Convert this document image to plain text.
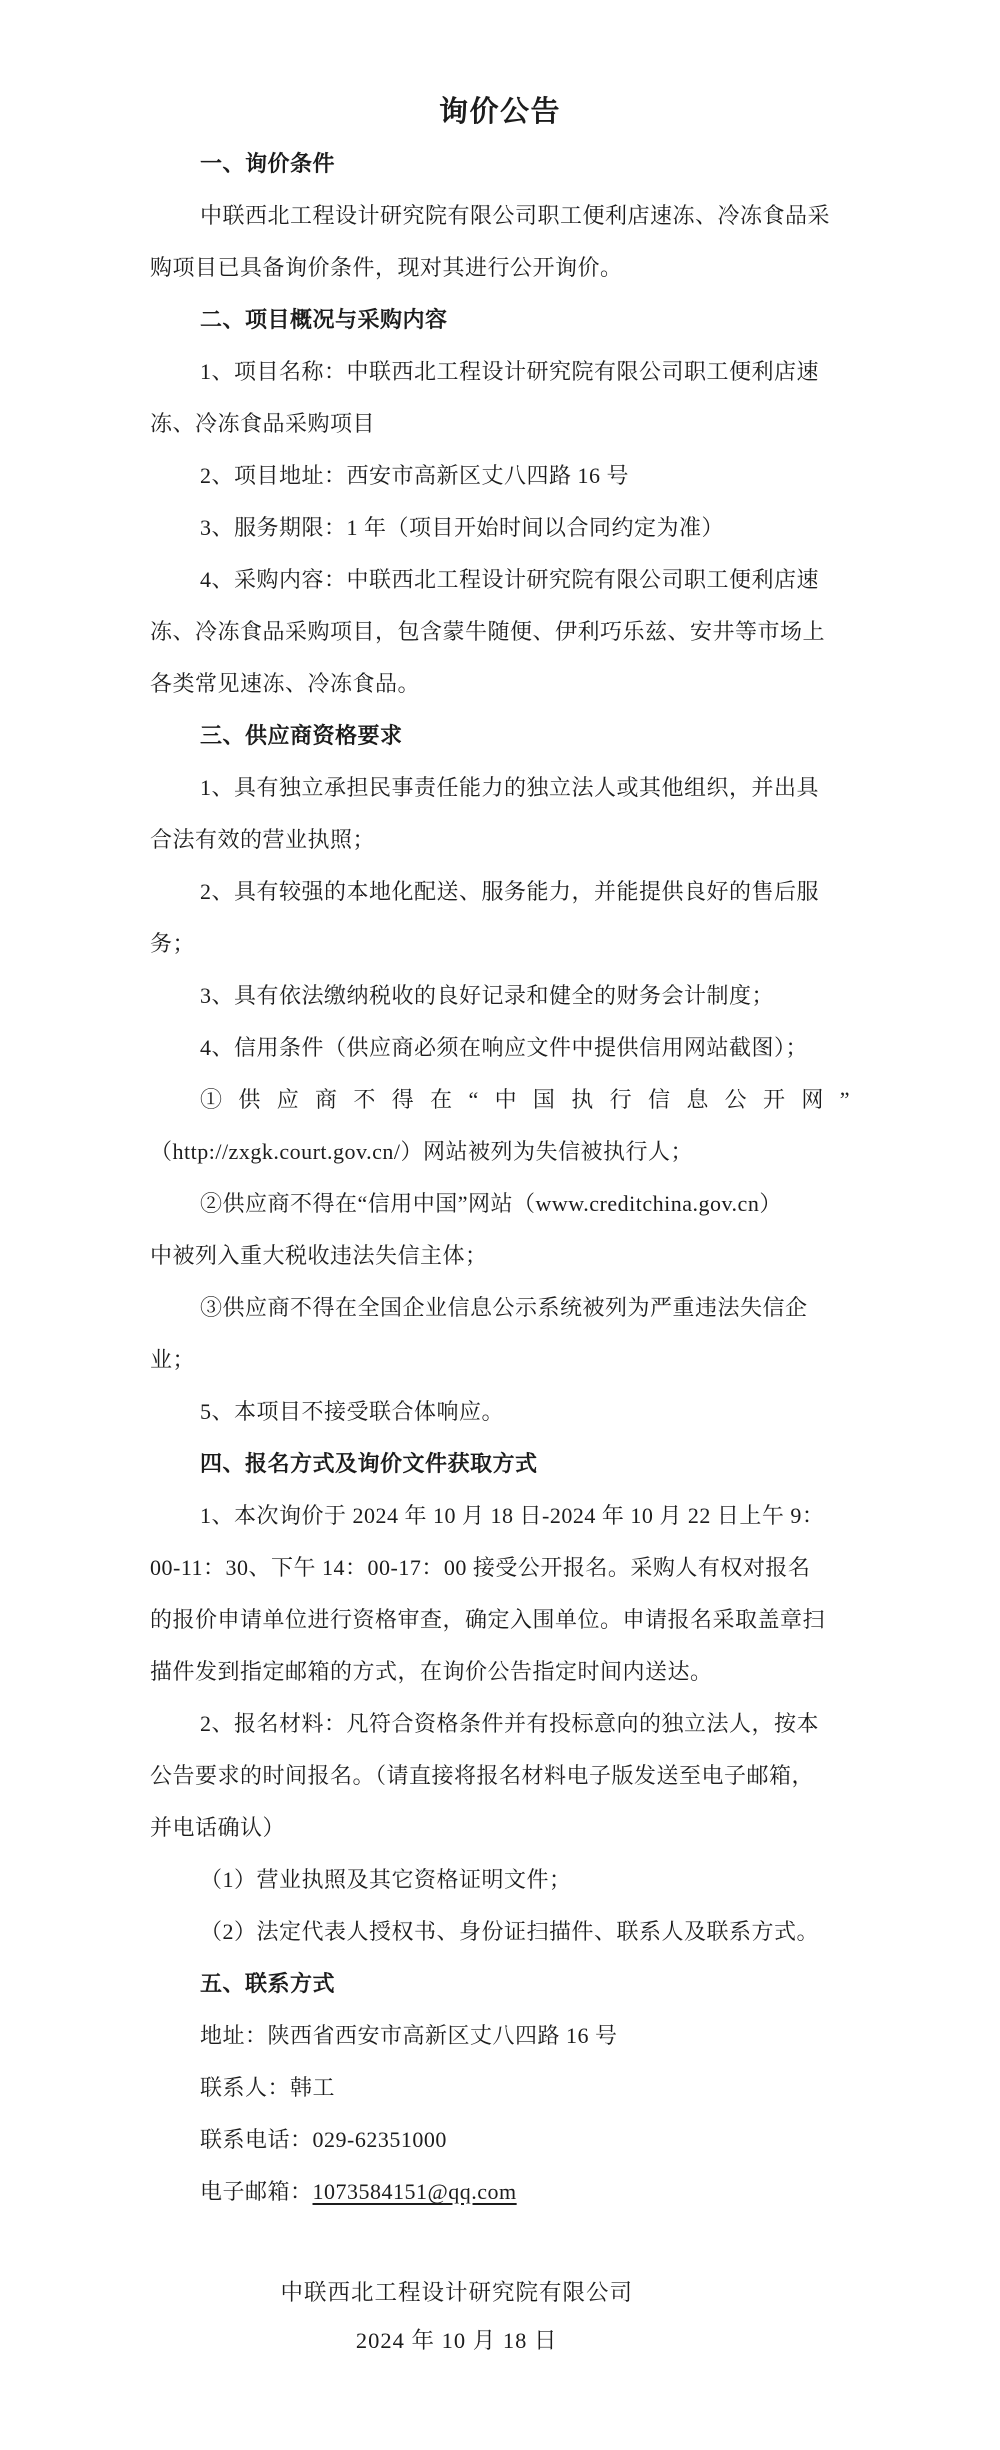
询价公告
一、询价条件
中联西北工程设计研究院有限公司职工便利店速冻、冷冻食品采
购项目已具备询价条件，现对其进行公开询价。
二、项目概况与采购内容
1、项目名称：中联西北工程设计研究院有限公司职工便利店速
冻、冷冻食品采购项目
2、项目地址：西安市高新区丈八四路 16 号
3、服务期限：1 年（项目开始时间以合同约定为准）
4、采购内容：中联西北工程设计研究院有限公司职工便利店速
冻、冷冻食品采购项目，包含蒙牛随便、伊利巧乐兹、安井等市场上
各类常见速冻、冷冻食品。
三、供应商资格要求
1、具有独立承担民事责任能力的独立法人或其他组织，并出具
合法有效的营业执照；
2、具有较强的本地化配送、服务能力，并能提供良好的售后服
务；
3、具有依法缴纳税收的良好记录和健全的财务会计制度；
4、信用条件（供应商必须在响应文件中提供信用网站截图）；
①供应商不得在“中国执行信息公开网”
（http://zxgk.court.gov.cn/）网站被列为失信被执行人；
②供应商不得在“信用中国”网站（www.creditchina.gov.cn）
中被列入重大税收违法失信主体；
③供应商不得在全国企业信息公示系统被列为严重违法失信企
业；
5、本项目不接受联合体响应。
四、报名方式及询价文件获取方式
1、本次询价于 2024 年 10 月 18 日-2024 年 10 月 22 日上午 9：
00-11：30、下午 14：00-17：00 接受公开报名。采购人有权对报名
的报价申请单位进行资格审查，确定入围单位。申请报名采取盖章扫
描件发到指定邮箱的方式，在询价公告指定时间内送达。
2、报名材料：凡符合资格条件并有投标意向的独立法人，按本
公告要求的时间报名。（请直接将报名材料电子版发送至电子邮箱，
并电话确认）
（1）营业执照及其它资格证明文件；
（2）法定代表人授权书、身份证扫描件、联系人及联系方式。
五、联系方式
地址：陕西省西安市高新区丈八四路 16 号
联系人：韩工
联系电话：029-62351000
电子邮箱：1073584151@qq.com
中联西北工程设计研究院有限公司
2024 年 10 月 18 日
